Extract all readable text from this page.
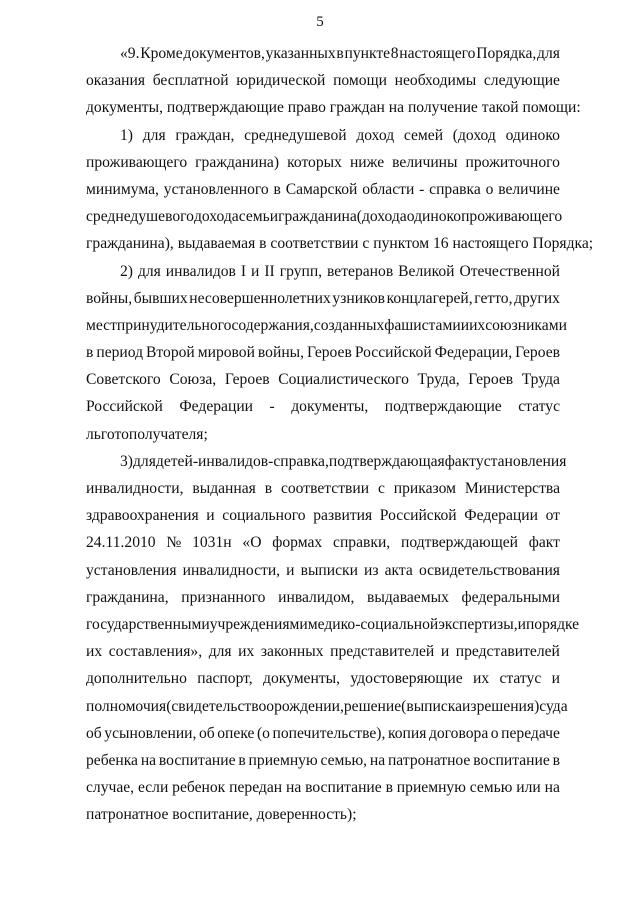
5
«9. Кроме документов, указанных в пункте 8 настоящего Порядка, для
оказания бесплатной юридической помощи необходимы следующие
документы, подтверждающие право граждан на получение такой помощи:
1) для граждан, среднедушевой доход семей (доход одиноко
проживающего гражданина) которых ниже величины прожиточного
минимума, установленного в Самарской области - справка о величине
среднедушевого дохода семьи гражданина (дохода одиноко проживающего
гражданина), выдаваемая в соответствии с пунктом 16 настоящего Порядка;
2) для инвалидов I и II групп, ветеранов Великой Отечественной
войны, бывших несовершеннолетних узников концлагерей, гетто, других
мест принудительного содержания, созданных фашистами и их союзниками
в период Второй мировой войны, Героев Российской Федерации, Героев
Советского Союза, Героев Социалистического Труда, Героев Труда
Российской Федерации - документы, подтверждающие статус
льготополучателя;
3) для детей-инвалидов - справка, подтверждающая факт установления
инвалидности, выданная в соответствии с приказом Министерства
здравоохранения и социального развития Российской Федерации от
24.11.2010 № 1031н «О формах справки, подтверждающей факт
установления инвалидности, и выписки из акта освидетельствования
гражданина, признанного инвалидом, выдаваемых федеральными
государственными учреждениями медико-социальной экспертизы, и порядке
их составления», для их законных представителей и представителей
дополнительно паспорт, документы, удостоверяющие их статус и
полномочия (свидетельство о рождении, решение (выписка из решения) суда
об усыновлении, об опеке (о попечительстве), копия договора о передаче
ребенка на воспитание в приемную семью, на патронатное воспитание в
случае, если ребенок передан на воспитание в приемную семью или на
патронатное воспитание, доверенность);
